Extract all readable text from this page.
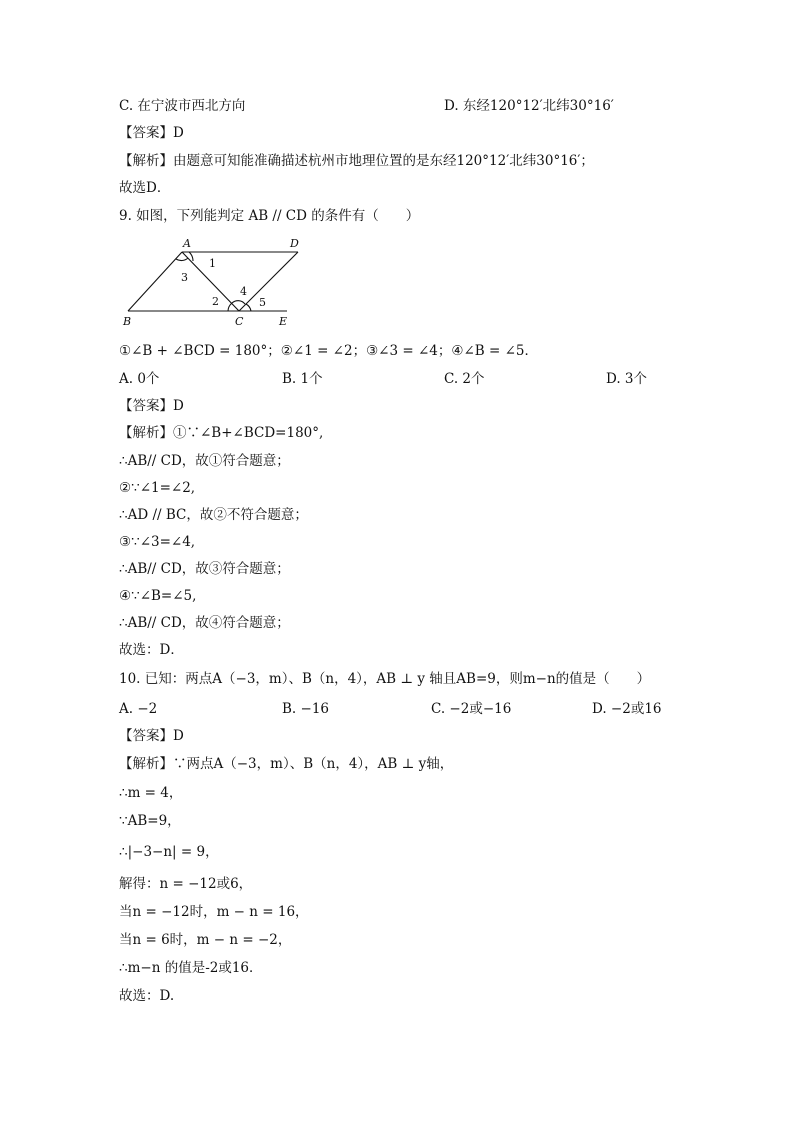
C. 在宁波市西北方向	D. 东经120°12′北纬30°16′
【答案】D
【解析】由题意可知能准确描述杭州市地理位置的是东经120°12′北纬30°16′；
故选D．
9. 如图，下列能判定 AB // CD 的条件有（　　）
A	D
B	C	E
1
3
2
4
5
①∠B + ∠BCD = 180°；②∠1 = ∠2；③∠3 = ∠4；④∠B = ∠5．
A. 0个	B. 1个	C. 2个	D. 3个
【答案】D
【解析】①∵∠B+∠BCD=180°,
∴AB// CD，故①符合题意；
②∵∠1=∠2,
∴AD // BC，故②不符合题意；
③∵∠3=∠4,
∴AB// CD，故③符合题意；
④∵∠B=∠5,
∴AB// CD，故④符合题意；
故选：D．
10. 已知：两点A（−3，m）、B（n，4），AB ⊥ y 轴且AB=9，则m−n的值是（　　）
A. −2	B. −16	C. −2或−16	D. −2或16
【答案】D
【解析】∵两点A（−3，m）、B（n，4），AB ⊥ y轴，
∴m = 4，
∵AB=9，
∴|−3−n| = 9，
解得：n = −12或6，
当n = −12时，m − n = 16，
当n = 6时，m − n = −2，
∴m−n 的值是-2或16．
故选：D.
